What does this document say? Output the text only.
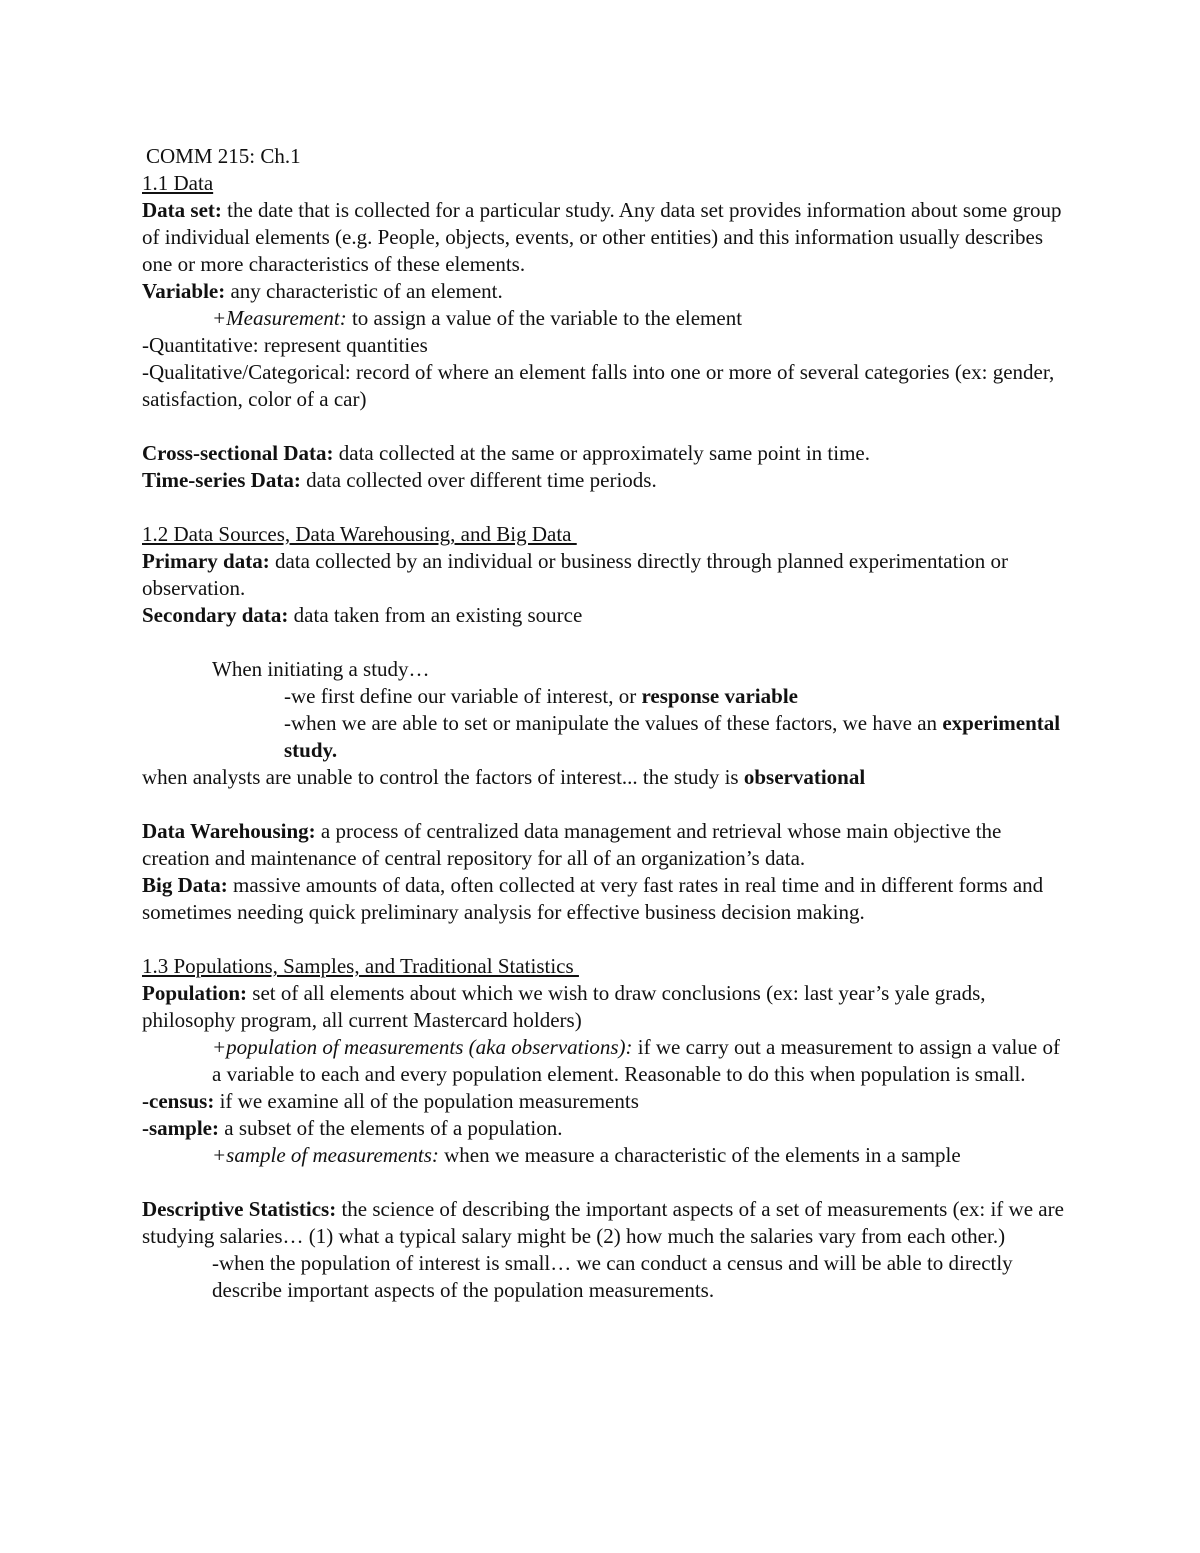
COMM 215: Ch.1
1.1 Data
Data set: the date that is collected for a particular study. Any data set provides information about some group of individual elements (e.g. People, objects, events, or other entities) and this information usually describes one or more characteristics of these elements.
Variable: any characteristic of an element.
+Measurement: to assign a value of the variable to the element
-Quantitative: represent quantities
-Qualitative/Categorical: record of where an element falls into one or more of several categories (ex: gender, satisfaction, color of a car)
Cross-sectional Data: data collected at the same or approximately same point in time.
Time-series Data: data collected over different time periods.
1.2 Data Sources, Data Warehousing, and Big Data
Primary data: data collected by an individual or business directly through planned experimentation or observation.
Secondary data: data taken from an existing source
When initiating a study…
-we first define our variable of interest, or response variable
-when we are able to set or manipulate the values of these factors, we have an experimental study.
when analysts are unable to control the factors of interest... the study is observational
Data Warehousing: a process of centralized data management and retrieval whose main objective the creation and maintenance of central repository for all of an organization’s data.
Big Data: massive amounts of data, often collected at very fast rates in real time and in different forms and sometimes needing quick preliminary analysis for effective business decision making.
1.3 Populations, Samples, and Traditional Statistics
Population: set of all elements about which we wish to draw conclusions (ex: last year’s yale grads, philosophy program, all current Mastercard holders)
+population of measurements (aka observations): if we carry out a measurement to assign a value of a variable to each and every population element. Reasonable to do this when population is small.
-census: if we examine all of the population measurements
-sample: a subset of the elements of a population.
+sample of measurements: when we measure a characteristic of the elements in a sample
Descriptive Statistics: the science of describing the important aspects of a set of measurements (ex: if we are studying salaries… (1) what a typical salary might be (2) how much the salaries vary from each other.)
-when the population of interest is small… we can conduct a census and will be able to directly describe important aspects of the population measurements.
